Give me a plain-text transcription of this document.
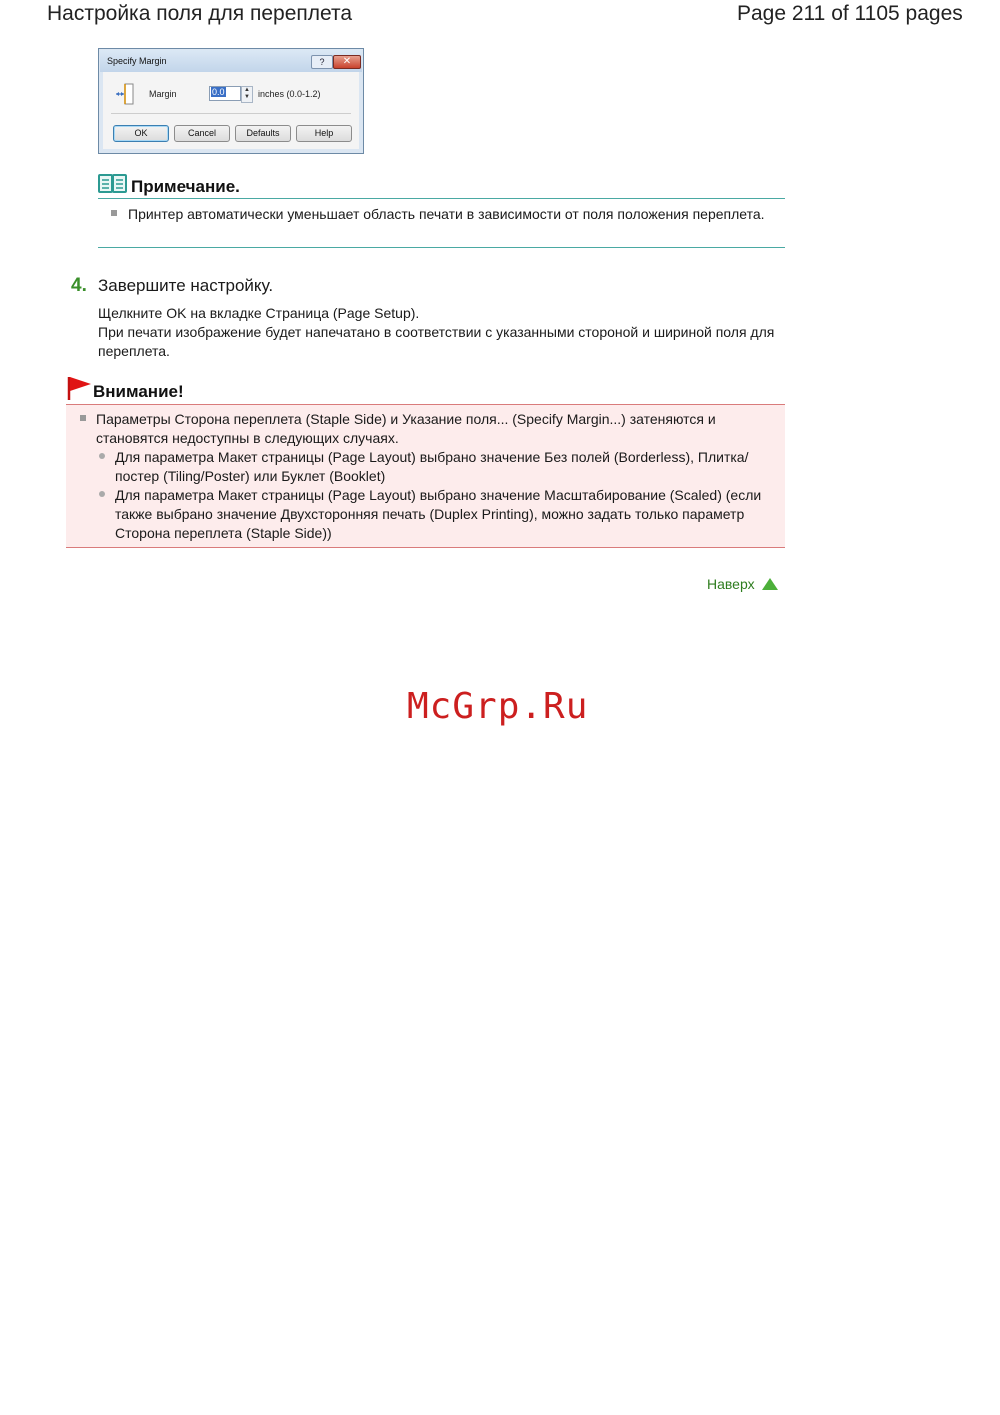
Настройка поля для переплета	Page 211 of 1105 pages
Specify Margin	?	✕
Margin	0.0	▲
▼ inches (0.0-1.2)
OK	Cancel	Defaults	Help
Примечание.
Принтер автоматически уменьшает область печати в зависимости от поля положения переплета.
4. Завершите настройку.

Щелкните OK на вкладке Страница (Page Setup).

При печати изображение будет напечатано в соответствии с указанными стороной и шириной поля для переплета.

Внимание!
Параметры Сторона переплета (Staple Side) и Указание поля... (Specify Margin...) затеняются и становятся недоступны в следующих случаях.
Для параметра Макет страницы (Page Layout) выбрано значение Без полей (Borderless), Плитка/постер (Tiling/Poster) или Буклет (Booklet)
Для параметра Макет страницы (Page Layout) выбрано значение Масштабирование (Scaled) (если также выбрано значение Двухсторонняя печать (Duplex Printing), можно задать только параметр Сторона переплета (Staple Side))
Наверх
McGrp.Ru
